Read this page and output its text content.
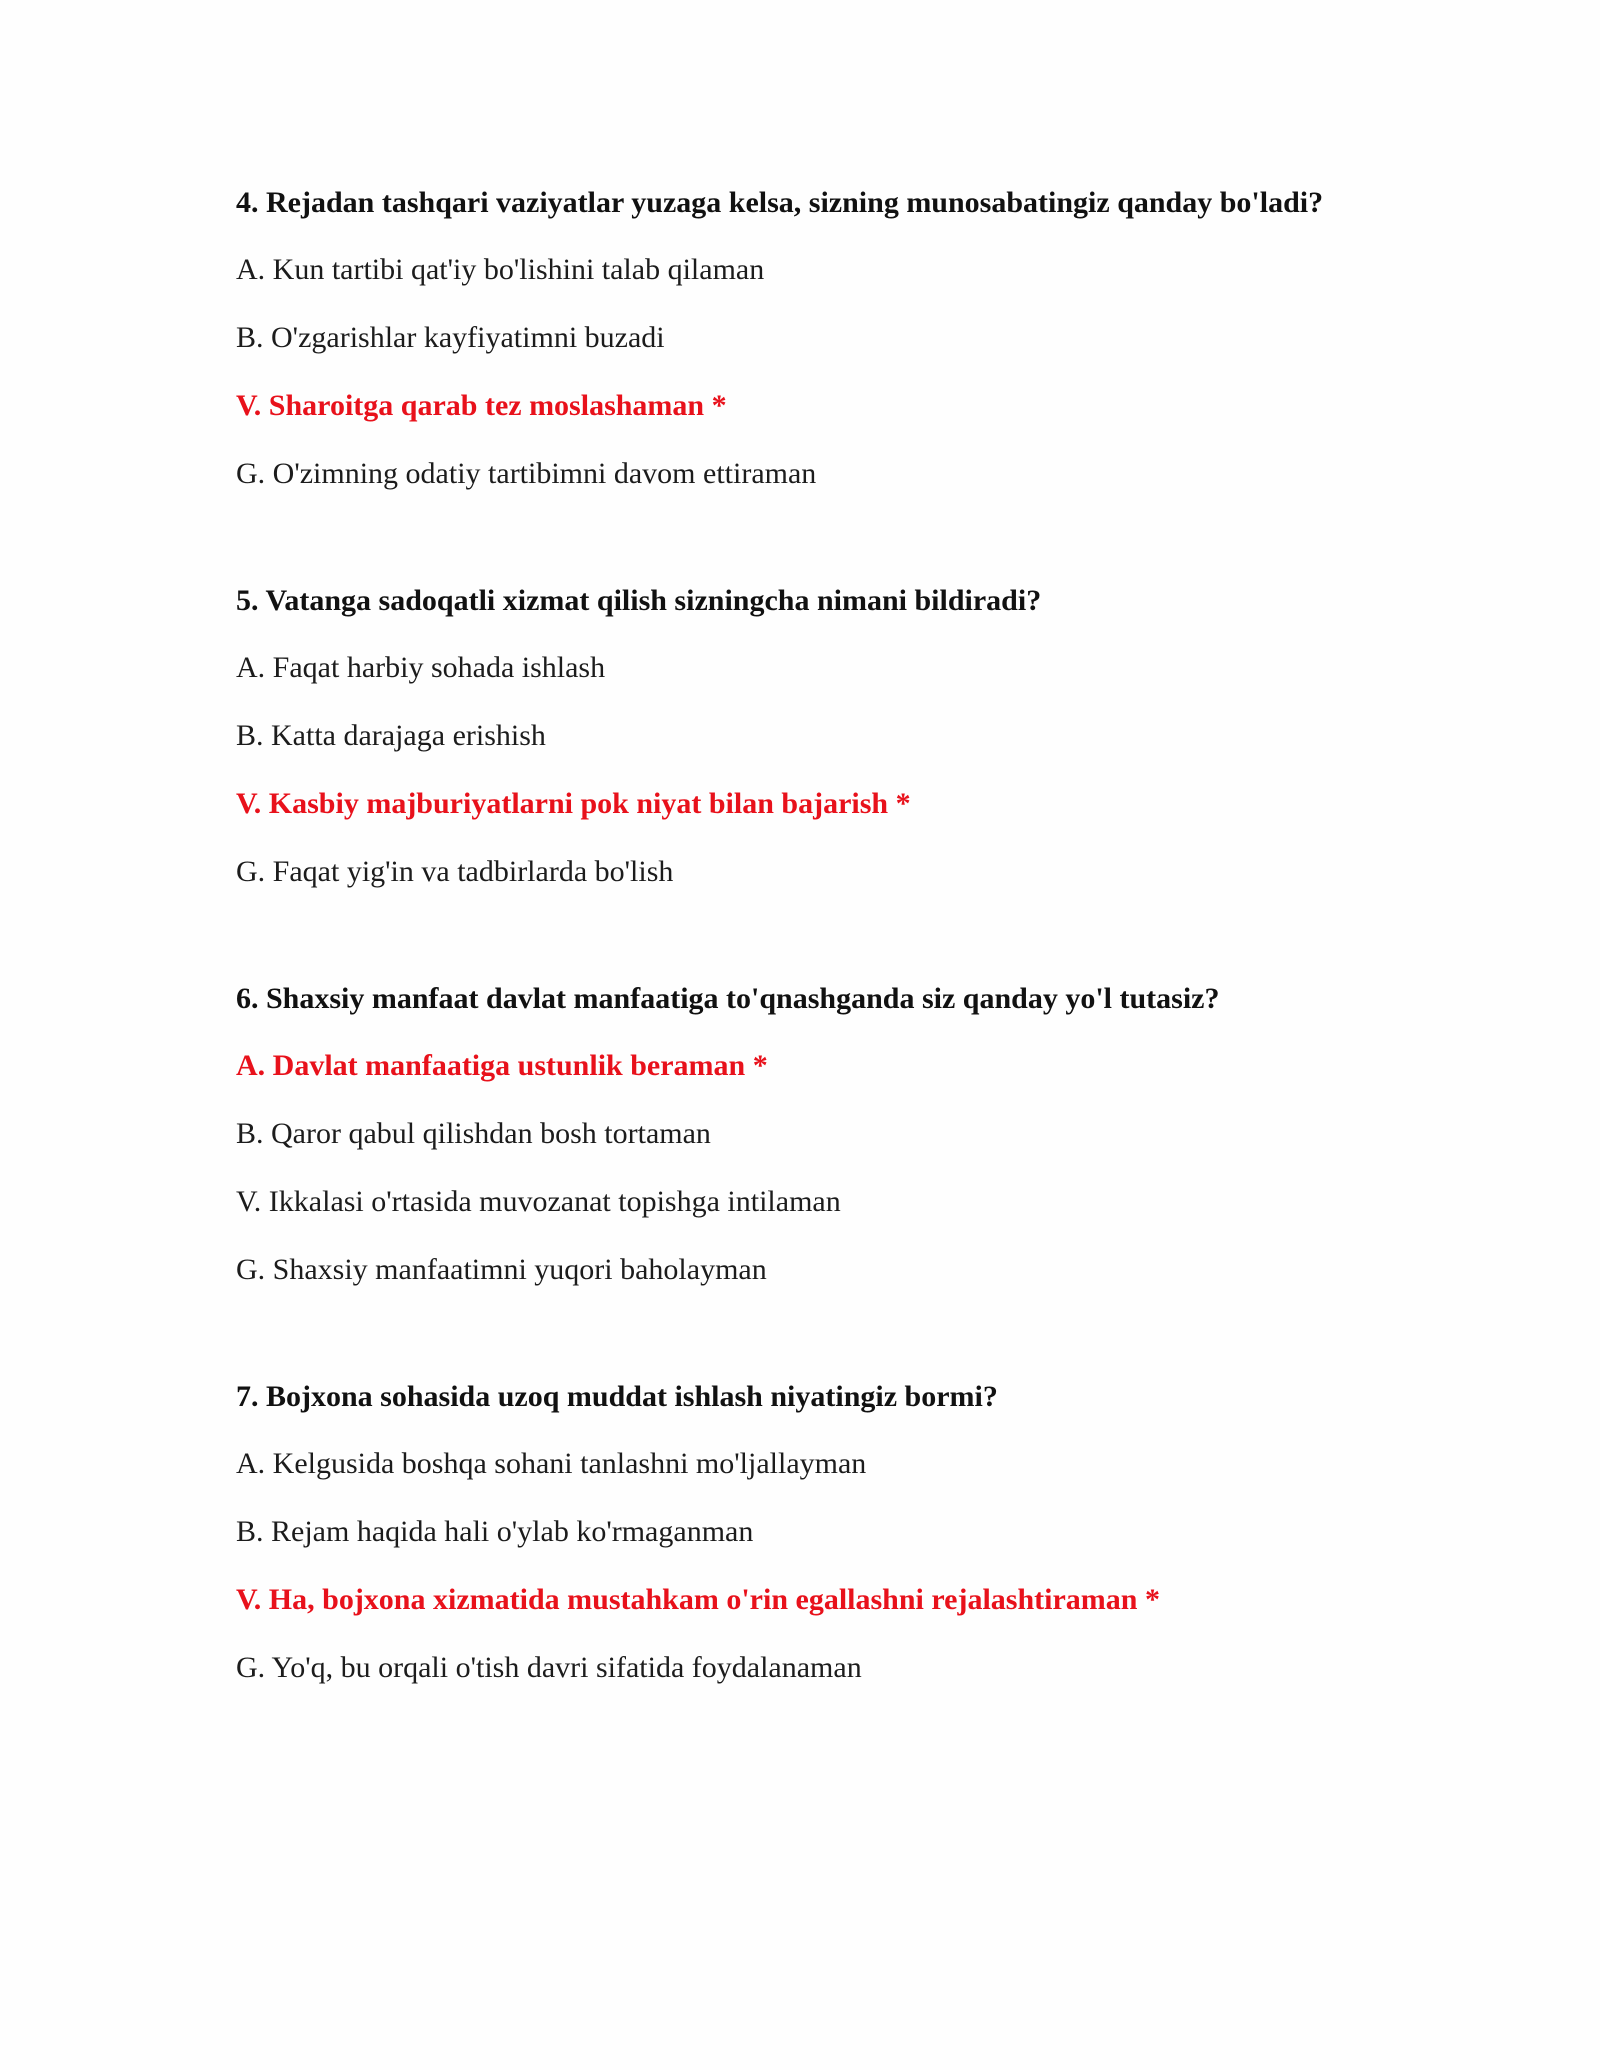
4. Rejadan tashqari vaziyatlar yuzaga kelsa, sizning munosabatingiz qanday bo'ladi?
A. Kun tartibi qat'iy bo'lishini talab qilaman
B. O'zgarishlar kayfiyatimni buzadi
V. Sharoitga qarab tez moslashaman *
G. O'zimning odatiy tartibimni davom ettiraman
5. Vatanga sadoqatli xizmat qilish sizningcha nimani bildiradi?
A. Faqat harbiy sohada ishlash
B. Katta darajaga erishish
V. Kasbiy majburiyatlarni pok niyat bilan bajarish *
G. Faqat yig'in va tadbirlarda bo'lish
6. Shaxsiy manfaat davlat manfaatiga to'qnashganda siz qanday yo'l tutasiz?
A. Davlat manfaatiga ustunlik beraman *
B. Qaror qabul qilishdan bosh tortaman
V. Ikkalasi o'rtasida muvozanat topishga intilaman
G. Shaxsiy manfaatimni yuqori baholayman
7. Bojxona sohasida uzoq muddat ishlash niyatingiz bormi?
A. Kelgusida boshqa sohani tanlashni mo'ljallayman
B. Rejam haqida hali o'ylab ko'rmaganman
V. Ha, bojxona xizmatida mustahkam o'rin egallashni rejalashtiraman *
G. Yo'q, bu orqali o'tish davri sifatida foydalanaman
